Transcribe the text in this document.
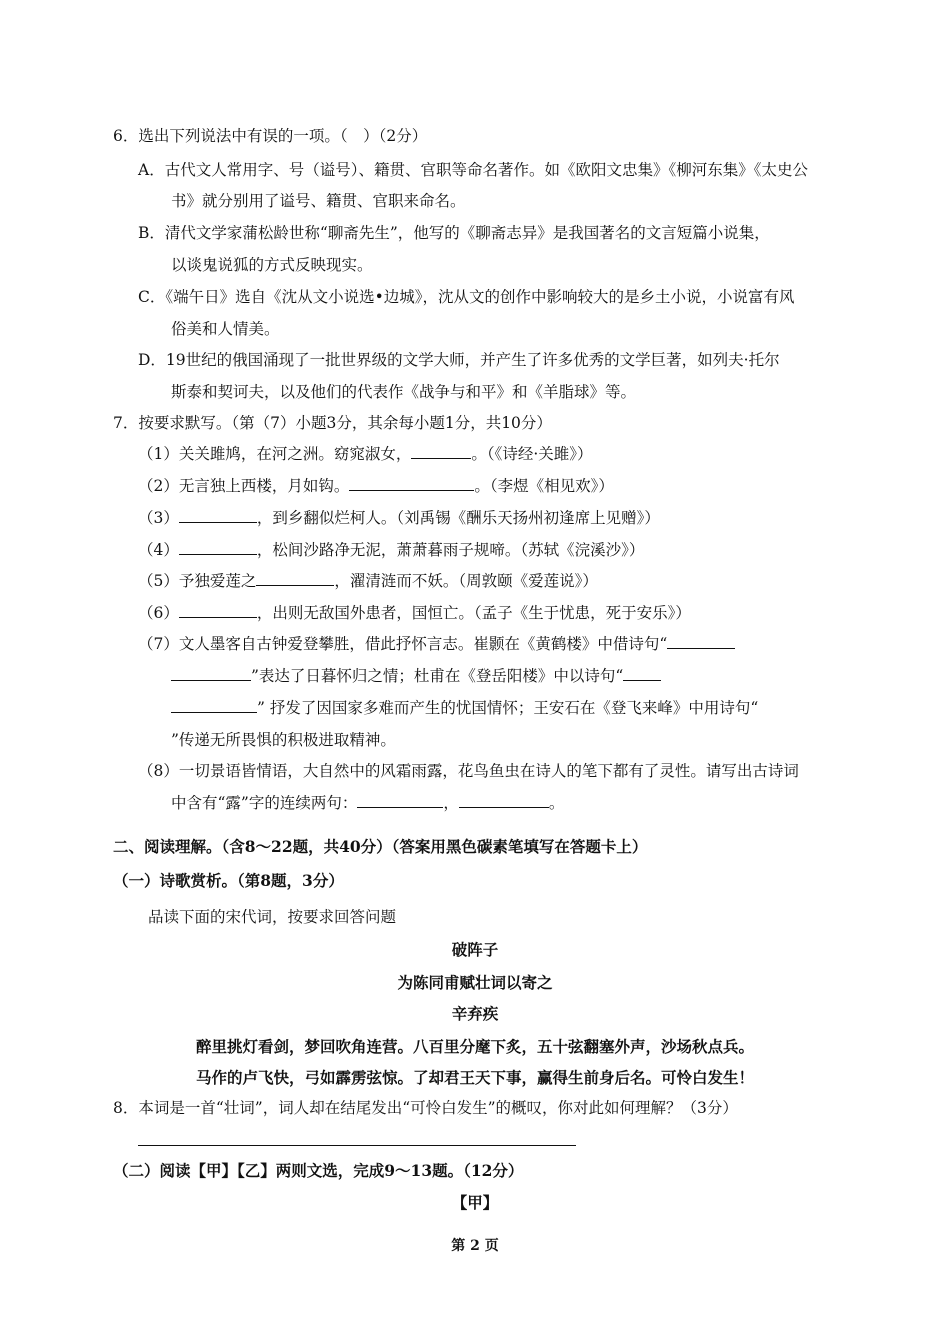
6．选出下列说法中有误的一项。（　）（2分）
A．古代文人常用字、号（谥号）、籍贯、官职等命名著作。如《欧阳文忠集》《柳河东集》《太史公
书》就分别用了谥号、籍贯、官职来命名。
B．清代文学家蒲松龄世称“聊斋先生”，他写的《聊斋志异》是我国著名的文言短篇小说集，
以谈鬼说狐的方式反映现实。
C．《端午日》选自《沈从文小说选•边城》，沈从文的创作中影响较大的是乡土小说，小说富有风
俗美和人情美。
D．19世纪的俄国涌现了一批世界级的文学大师，并产生了许多优秀的文学巨著，如列夫·托尔
斯泰和契诃夫，以及他们的代表作《战争与和平》和《羊脂球》等。
7．按要求默写。（第（7）小题3分，其余每小题1分，共10分）
（1）关关雎鸠，在河之洲。窈窕淑女，	。（《诗经·关雎》）
（2）无言独上西楼，月如钩。	。（李煜《相见欢》）
（3）	，到乡翻似烂柯人。（刘禹锡《酬乐天扬州初逢席上见赠》）
（4）	，松间沙路净无泥，萧萧暮雨子规啼。（苏轼《浣溪沙》）
（5）予独爱莲之	，濯清涟而不妖。（周敦颐《爱莲说》）
（6）	，出则无敌国外患者，国恒亡。（孟子《生于忧患，死于安乐》）
（7）文人墨客自古钟爱登攀胜，借此抒怀言志。崔颢在《黄鹤楼》中借诗句“
”表达了日暮怀归之情；杜甫在《登岳阳楼》中以诗句“
” 抒发了因国家多难而产生的忧国情怀；王安石在《登飞来峰》中用诗句“
”传递无所畏惧的积极进取精神。
（8）一切景语皆情语，大自然中的风霜雨露，花鸟鱼虫在诗人的笔下都有了灵性。请写出古诗词
中含有“露”字的连续两句：	，	。
二、阅读理解。（含8～22题，共40分）（答案用黑色碳素笔填写在答题卡上）
（一）诗歌赏析。（第8题，3分）
品读下面的宋代词，按要求回答问题
破阵子
为陈同甫赋壮词以寄之
辛弃疾
醉里挑灯看剑，梦回吹角连营。八百里分麾下炙，五十弦翻塞外声，沙场秋点兵。
马作的卢飞快，弓如霹雳弦惊。了却君王天下事，赢得生前身后名。可怜白发生！
8．本词是一首“壮词”，词人却在结尾发出“可怜白发生”的概叹，你对此如何理解？（3分）
（二）阅读【甲】【乙】两则文选，完成9～13题。（12分）
【甲】
第 2 页
